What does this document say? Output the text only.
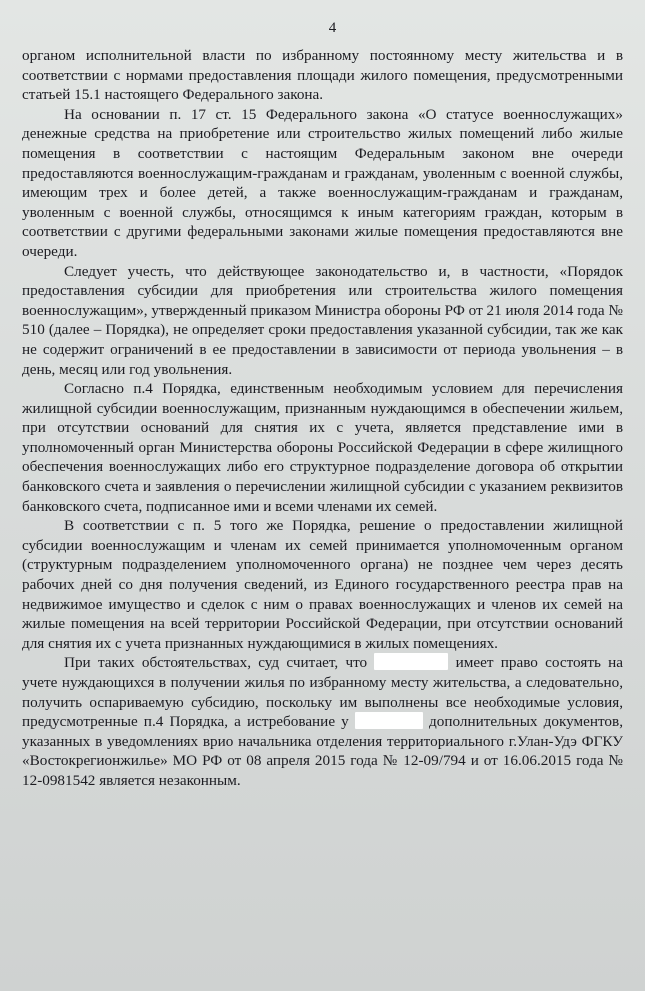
4

органом исполнительной власти по избранному постоянному месту жительства и в соответствии с нормами предоставления площади жилого помещения, предусмотренными статьей 15.1 настоящего Федерального закона.

На основании п. 17 ст. 15 Федерального закона «О статусе военнослужащих» денежные средства на приобретение или строительство жилых помещений либо жилые помещения в соответствии с настоящим Федеральным законом вне очереди предоставляются военнослужащим-гражданам и гражданам, уволенным с военной службы, имеющим трех и более детей, а также военнослужащим-гражданам и гражданам, уволенным с военной службы, относящимся к иным категориям граждан, которым в соответствии с другими федеральными законами жилые помещения предоставляются вне очереди.

Следует учесть, что действующее законодательство и, в частности, «Порядок предоставления субсидии для приобретения или строительства жилого помещения военнослужащим», утвержденный приказом Министра обороны РФ от 21 июля 2014 года № 510 (далее – Порядка), не определяет сроки предоставления указанной субсидии, так же как не содержит ограничений в ее предоставлении в зависимости от периода увольнения – в день, месяц или год увольнения.

Согласно п.4 Порядка, единственным необходимым условием для перечисления жилищной субсидии военнослужащим, признанным нуждающимся в обеспечении жильем, при отсутствии оснований для снятия их с учета, является представление ими в уполномоченный орган Министерства обороны Российской Федерации в сфере жилищного обеспечения военнослужащих либо его структурное подразделение договора об открытии банковского счета и заявления о перечислении жилищной субсидии с указанием реквизитов банковского счета, подписанное ими и всеми членами их семей.

В соответствии с п. 5 того же Порядка, решение о предоставлении жилищной субсидии военнослужащим и членам их семей принимается уполномоченным органом (структурным подразделением уполномоченного органа) не позднее чем через десять рабочих дней со дня получения сведений, из Единого государственного реестра прав на недвижимое имущество и сделок с ним о правах военнослужащих и членов их семей на жилые помещения на всей территории Российской Федерации, при отсутствии оснований для снятия их с учета признанных нуждающимися в жилых помещениях.

При таких обстоятельствах, суд считает, что	имеет право состоять на учете нуждающихся в получении жилья по избранному месту жительства, а следовательно, получить оспариваемую субсидию, поскольку им выполнены все необходимые условия, предусмотренные п.4 Порядка, а истребование у	дополнительных документов, указанных в уведомлениях врио начальника отделения территориального г.Улан-Удэ ФГКУ «Востокрегионжилье» МО РФ от 08 апреля 2015 года № 12-09/794 и от 16.06.2015 года № 12-0981542 является незаконным.
